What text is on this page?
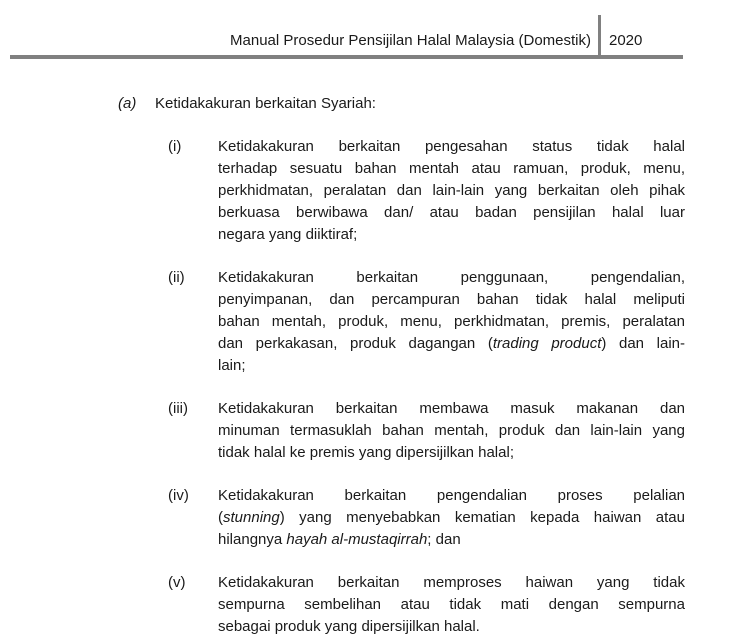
Manual Prosedur Pensijilan Halal Malaysia (Domestik) 2020
(a)	Ketidakakuran berkaitan Syariah:
(i)	Ketidakakuran berkaitan pengesahan status tidak halal
terhadap sesuatu bahan mentah atau ramuan, produk, menu,
perkhidmatan, peralatan dan lain-lain yang berkaitan oleh pihak
berkuasa berwibawa dan/ atau badan pensijilan halal luar
negara yang diiktiraf;
(ii)	Ketidakakuran berkaitan penggunaan, pengendalian,
penyimpanan, dan percampuran bahan tidak halal meliputi
bahan mentah, produk, menu, perkhidmatan, premis, peralatan
dan perkakasan, produk dagangan (trading product) dan lain-
lain;
(iii)	Ketidakakuran berkaitan membawa masuk makanan dan
minuman termasuklah bahan mentah, produk dan lain-lain yang
tidak halal ke premis yang dipersijilkan halal;
(iv)	Ketidakakuran berkaitan pengendalian proses pelalian
(stunning) yang menyebabkan kematian kepada haiwan atau
hilangnya hayah al-mustaqirrah; dan
(v)	Ketidakakuran berkaitan memproses haiwan yang tidak
sempurna sembelihan atau tidak mati dengan sempurna
sebagai produk yang dipersijilkan halal.
